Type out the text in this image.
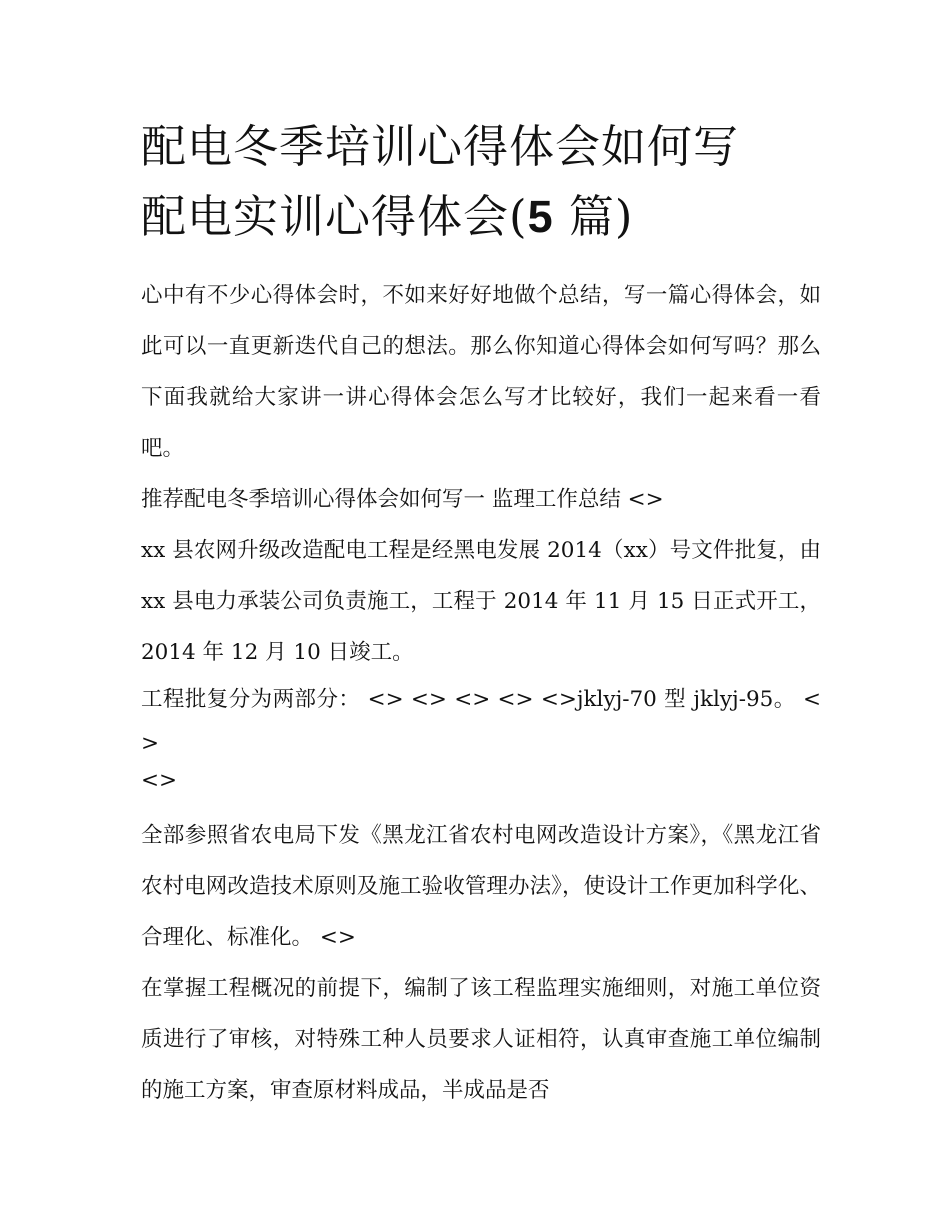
配电冬季培训心得体会如何写
配电实训心得体会(5 篇)

心中有不少心得体会时，不如来好好地做个总结，写一篇心得体会，如此可以一直更新迭代自己的想法。那么你知道心得体会如何写吗？那么下面我就给大家讲一讲心得体会怎么写才比较好，我们一起来看一看吧。

推荐配电冬季培训心得体会如何写一 监理工作总结 <>

xx 县农网升级改造配电工程是经黑电发展 2014（xx）号文件批复，由 xx 县电力承装公司负责施工，工程于 2014 年 11 月 15 日正式开工，2014 年 12 月 10 日竣工。

工程批复分为两部分： <> <> <> <> <>jklyj-70 型 jklyj-95。 <>

<>

全部参照省农电局下发《黑龙江省农村电网改造设计方案》，《黑龙江省农村电网改造技术原则及施工验收管理办法》，使设计工作更加科学化、合理化、标准化。 <>

在掌握工程概况的前提下，编制了该工程监理实施细则，对施工单位资质进行了审核，对特殊工种人员要求人证相符，认真审查施工单位编制的施工方案，审查原材料成品，半成品是否
